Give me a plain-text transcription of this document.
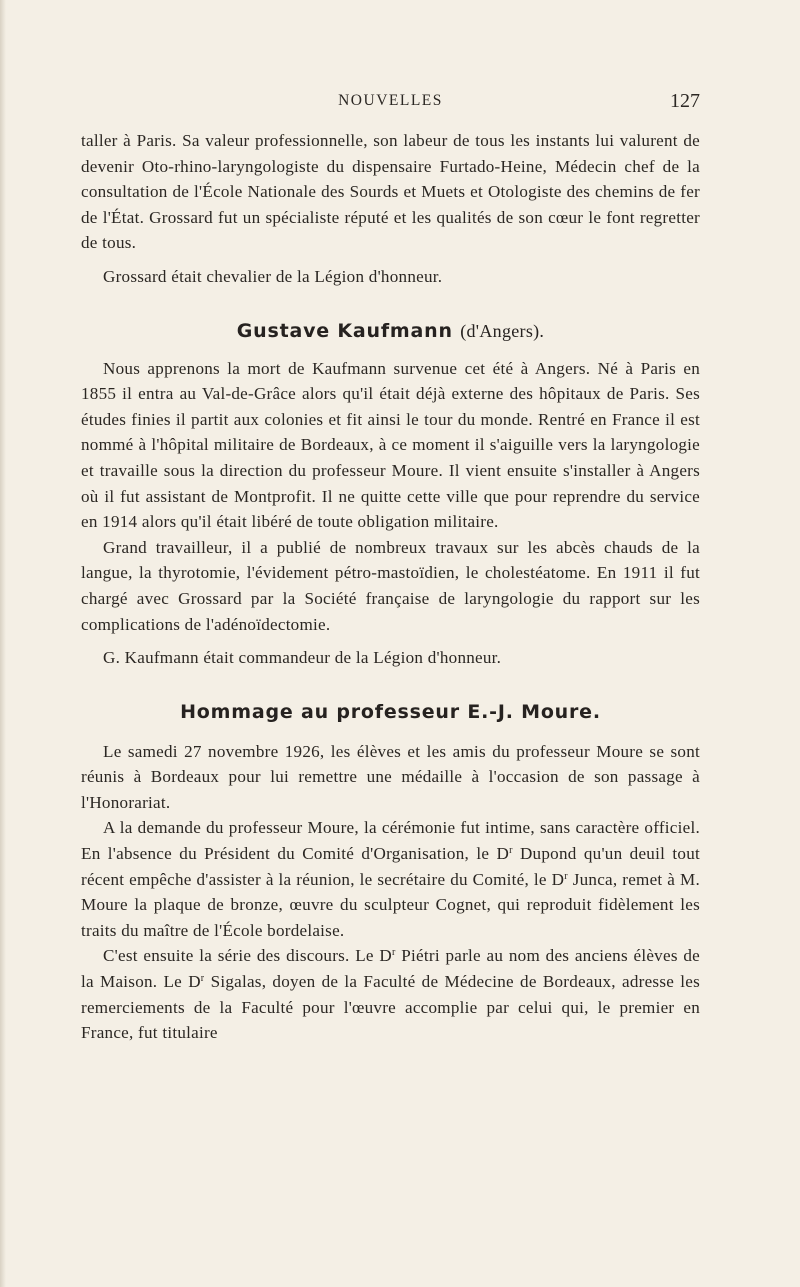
NOUVELLES	127

taller à Paris. Sa valeur professionnelle, son labeur de tous les instants lui valurent de devenir Oto-rhino-laryngologiste du dispensaire Furtado-Heine, Médecin chef de la consultation de l'École Nationale des Sourds et Muets et Otologiste des chemins de fer de l'État. Grossard fut un spécialiste réputé et les qualités de son cœur le font regretter de tous.

Grossard était chevalier de la Légion d'honneur.

Gustave Kaufmann (d'Angers).

Nous apprenons la mort de Kaufmann survenue cet été à Angers. Né à Paris en 1855 il entra au Val-de-Grâce alors qu'il était déjà externe des hôpitaux de Paris. Ses études finies il partit aux colonies et fit ainsi le tour du monde. Rentré en France il est nommé à l'hôpital militaire de Bordeaux, à ce moment il s'aiguille vers la laryngologie et travaille sous la direction du professeur Moure. Il vient ensuite s'installer à Angers où il fut assistant de Montprofit. Il ne quitte cette ville que pour reprendre du service en 1914 alors qu'il était libéré de toute obligation militaire.

Grand travailleur, il a publié de nombreux travaux sur les abcès chauds de la langue, la thyrotomie, l'évidement pétro-mastoïdien, le cholestéatome. En 1911 il fut chargé avec Grossard par la Société française de laryngologie du rapport sur les complications de l'adénoïdectomie.

G. Kaufmann était commandeur de la Légion d'honneur.

Hommage au professeur E.-J. Moure.

Le samedi 27 novembre 1926, les élèves et les amis du professeur Moure se sont réunis à Bordeaux pour lui remettre une médaille à l'occasion de son passage à l'Honorariat.

A la demande du professeur Moure, la cérémonie fut intime, sans caractère officiel. En l'absence du Président du Comité d'Organisation, le $D^r$ Dupond qu'un deuil tout récent empêche d'assister à la réunion, le secrétaire du Comité, le $D^r$ Junca, remet à M. Moure la plaque de bronze, œuvre du sculpteur Cognet, qui reproduit fidèlement les traits du maître de l'École bordelaise.

C'est ensuite la série des discours. Le $D^r$ Piétri parle au nom des anciens élèves de la Maison. Le $D^r$ Sigalas, doyen de la Faculté de Médecine de Bordeaux, adresse les remerciements de la Faculté pour l'œuvre accomplie par celui qui, le premier en France, fut titulaire
